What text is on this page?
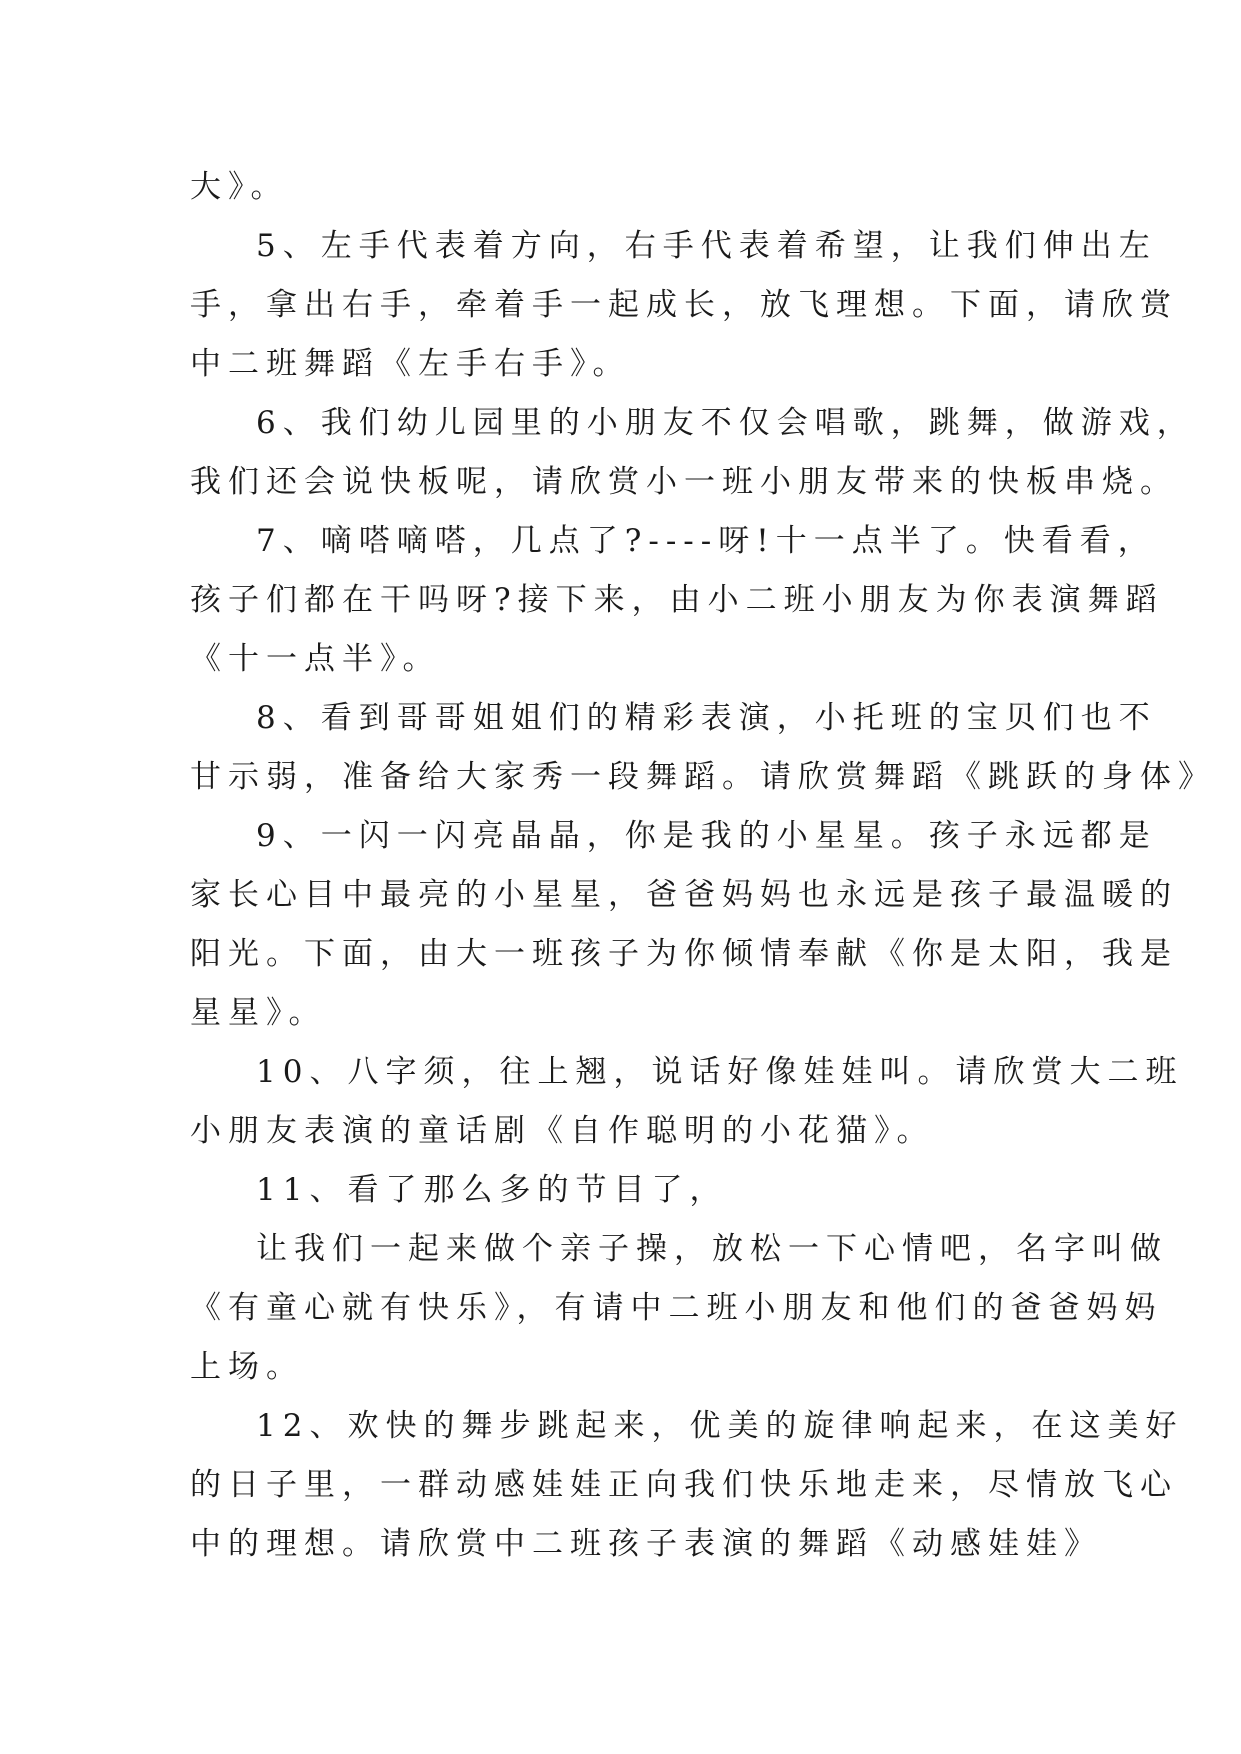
大》。
5、左手代表着方向，右手代表着希望，让我们伸出左
手，拿出右手，牵着手一起成长，放飞理想。下面，请欣赏
中二班舞蹈《左手右手》。
6、我们幼儿园里的小朋友不仅会唱歌，跳舞，做游戏，
我们还会说快板呢，请欣赏小一班小朋友带来的快板串烧。
7、嘀嗒嘀嗒，几点了?----呀!十一点半了。快看看，
孩子们都在干吗呀?接下来，由小二班小朋友为你表演舞蹈
《十一点半》。
8、看到哥哥姐姐们的精彩表演，小托班的宝贝们也不
甘示弱，准备给大家秀一段舞蹈。请欣赏舞蹈《跳跃的身体》
9、一闪一闪亮晶晶，你是我的小星星。孩子永远都是
家长心目中最亮的小星星，爸爸妈妈也永远是孩子最温暖的
阳光。下面，由大一班孩子为你倾情奉献《你是太阳，我是
星星》。
10、八字须，往上翘，说话好像娃娃叫。请欣赏大二班
小朋友表演的童话剧《自作聪明的小花猫》。
11、看了那么多的节目了，
让我们一起来做个亲子操，放松一下心情吧，名字叫做
《有童心就有快乐》，有请中二班小朋友和他们的爸爸妈妈
上场。
12、欢快的舞步跳起来，优美的旋律响起来，在这美好
的日子里，一群动感娃娃正向我们快乐地走来，尽情放飞心
中的理想。请欣赏中二班孩子表演的舞蹈《动感娃娃》
